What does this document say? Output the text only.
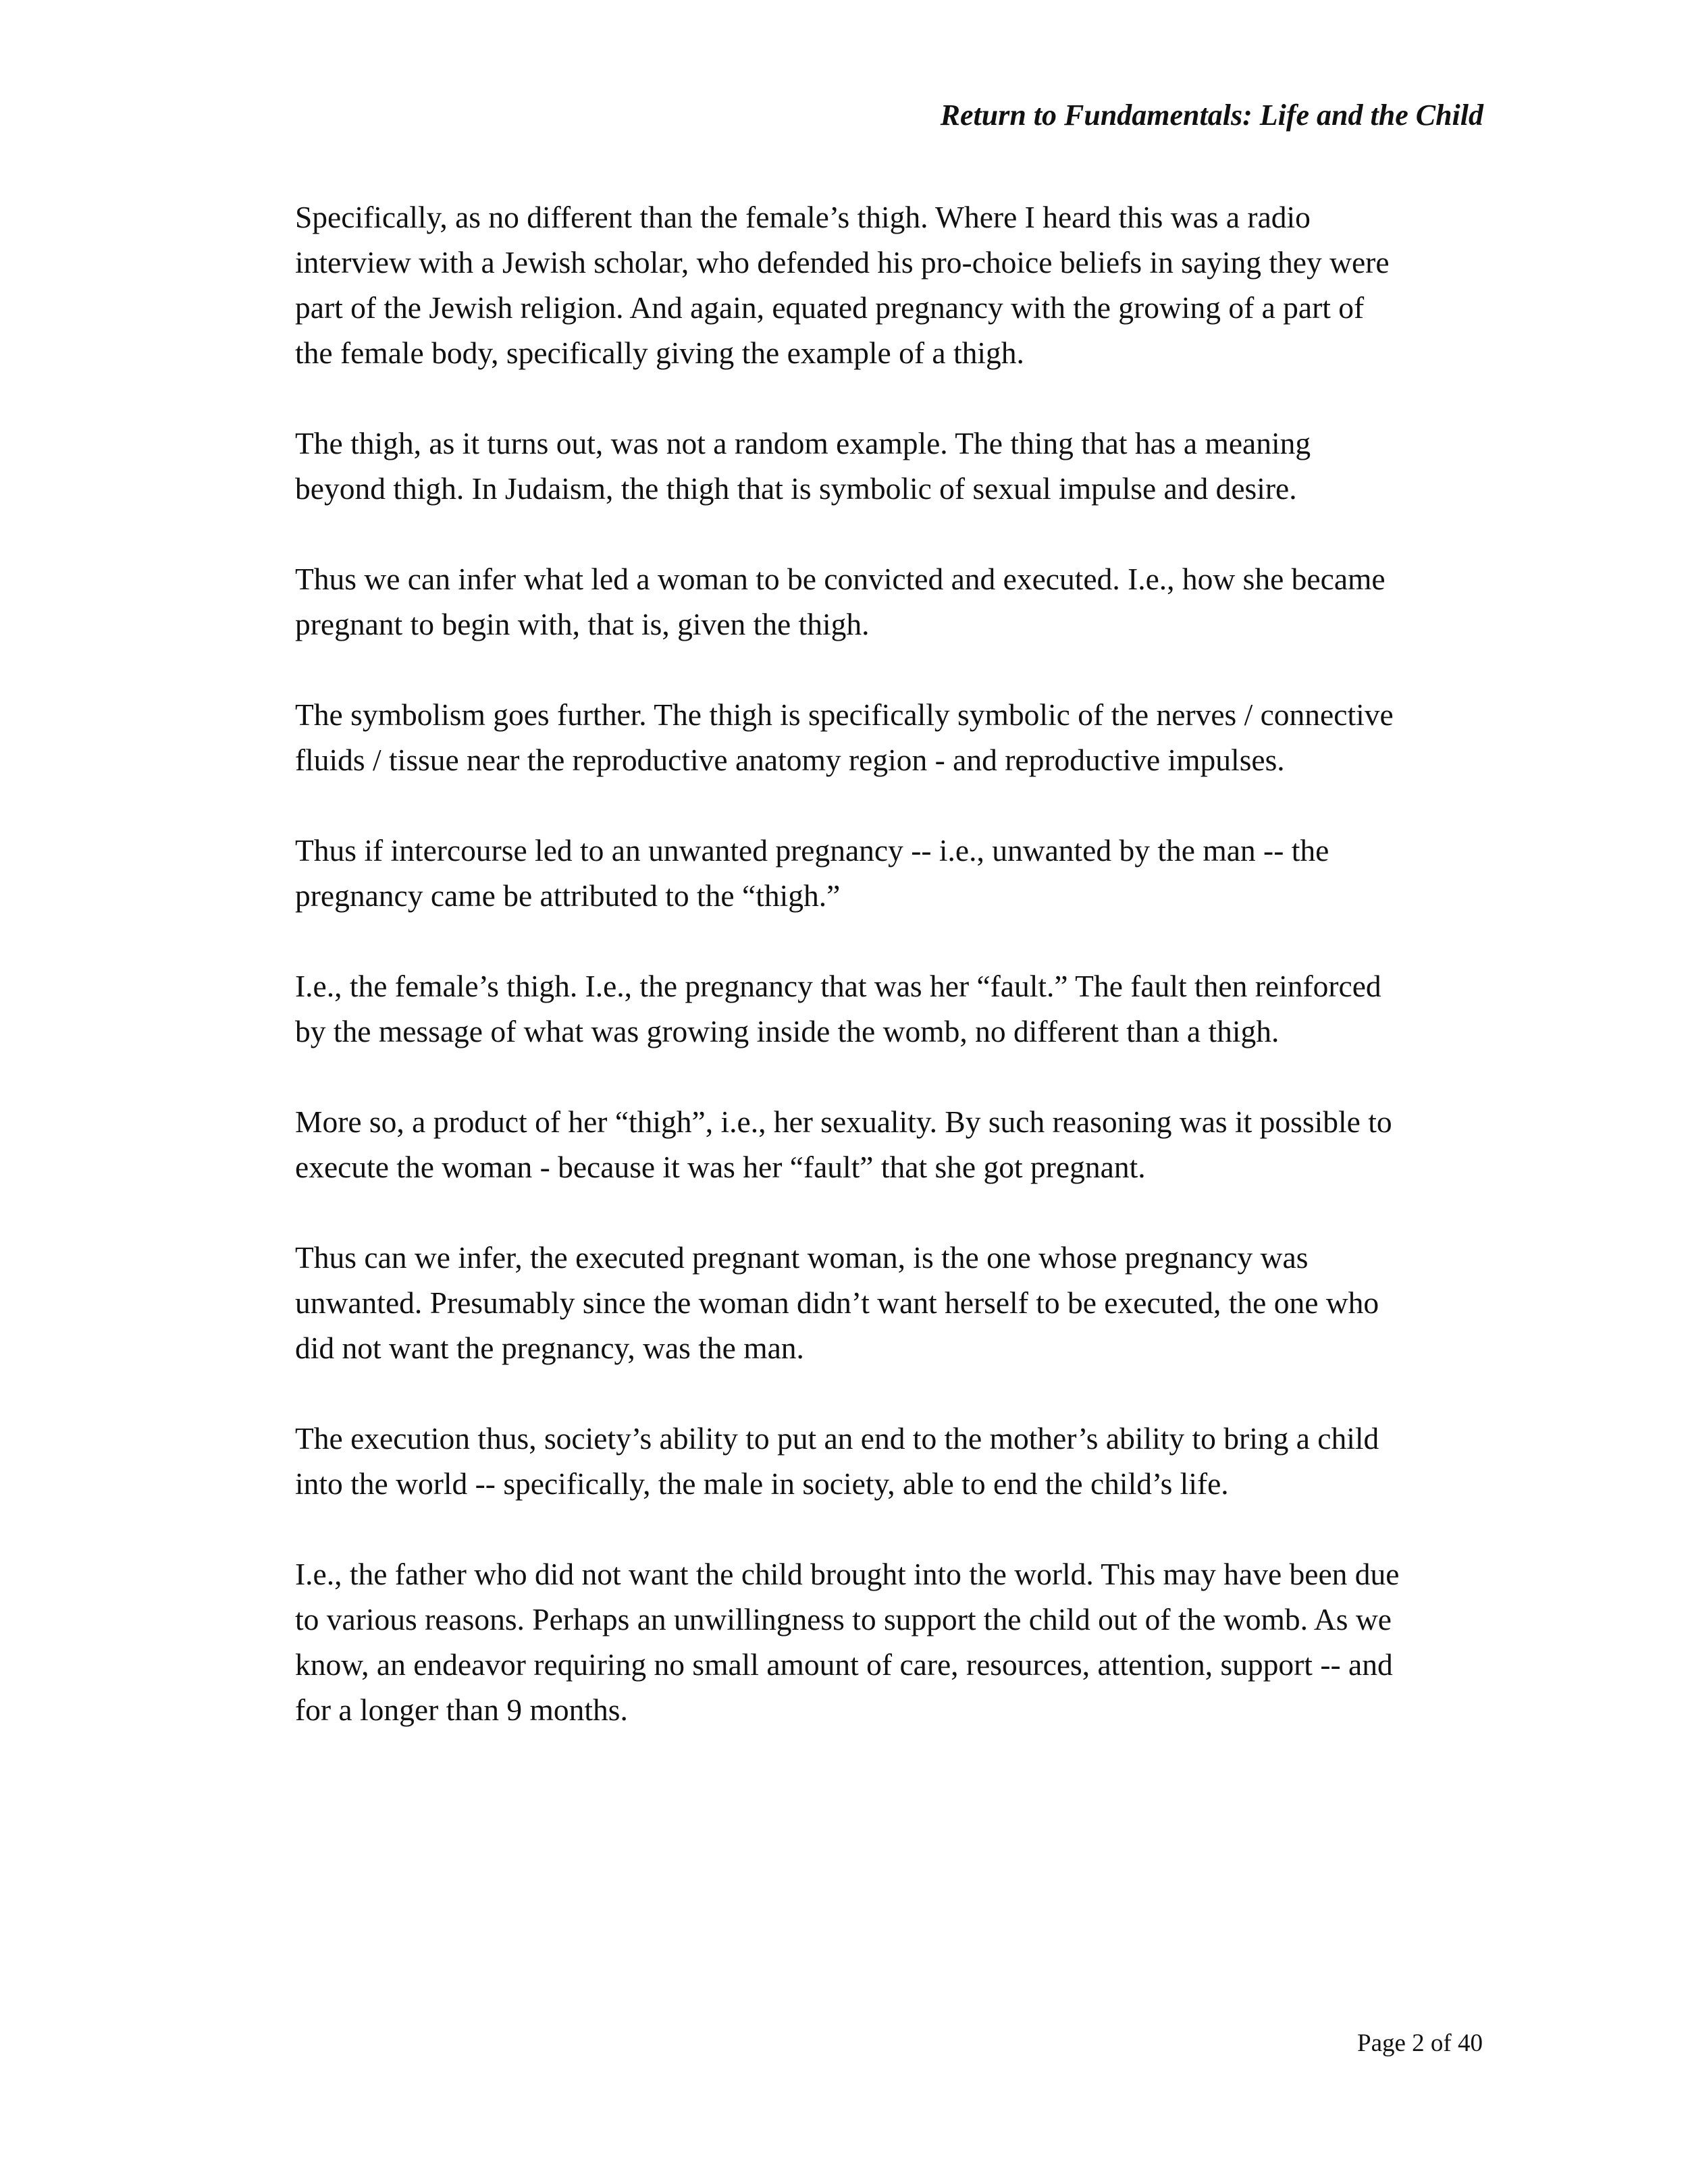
Return to Fundamentals: Life and the Child

Specifically, as no different than the female’s thigh. Where I heard this was a radio interview with a Jewish scholar, who defended his pro-choice beliefs in saying they were part of the Jewish religion. And again, equated pregnancy with the growing of a part of the female body, specifically giving the example of a thigh.

The thigh, as it turns out, was not a random example. The thing that has a meaning beyond thigh. In Judaism, the thigh that is symbolic of sexual impulse and desire.

Thus we can infer what led a woman to be convicted and executed. I.e., how she became pregnant to begin with, that is, given the thigh.

The symbolism goes further. The thigh is specifically symbolic of the nerves / connective fluids / tissue near the reproductive anatomy region - and reproductive impulses.

Thus if intercourse led to an unwanted pregnancy -- i.e., unwanted by the man -- the pregnancy came be attributed to the “thigh.”

I.e., the female’s thigh. I.e., the pregnancy that was her “fault.” The fault then reinforced by the message of what was growing inside the womb, no different than a thigh.

More so, a product of her “thigh”, i.e., her sexuality. By such reasoning was it possible to execute the woman - because it was her “fault” that she got pregnant.

Thus can we infer, the executed pregnant woman, is the one whose pregnancy was unwanted. Presumably since the woman didn’t want herself to be executed, the one who did not want the pregnancy, was the man.

The execution thus, society’s ability to put an end to the mother’s ability to bring a child into the world -- specifically, the male in society, able to end the child’s life.

I.e., the father who did not want the child brought into the world. This may have been due to various reasons. Perhaps an unwillingness to support the child out of the womb. As we know, an endeavor requiring no small amount of care, resources, attention, support -- and for a longer than 9 months.

Page 2 of 40
